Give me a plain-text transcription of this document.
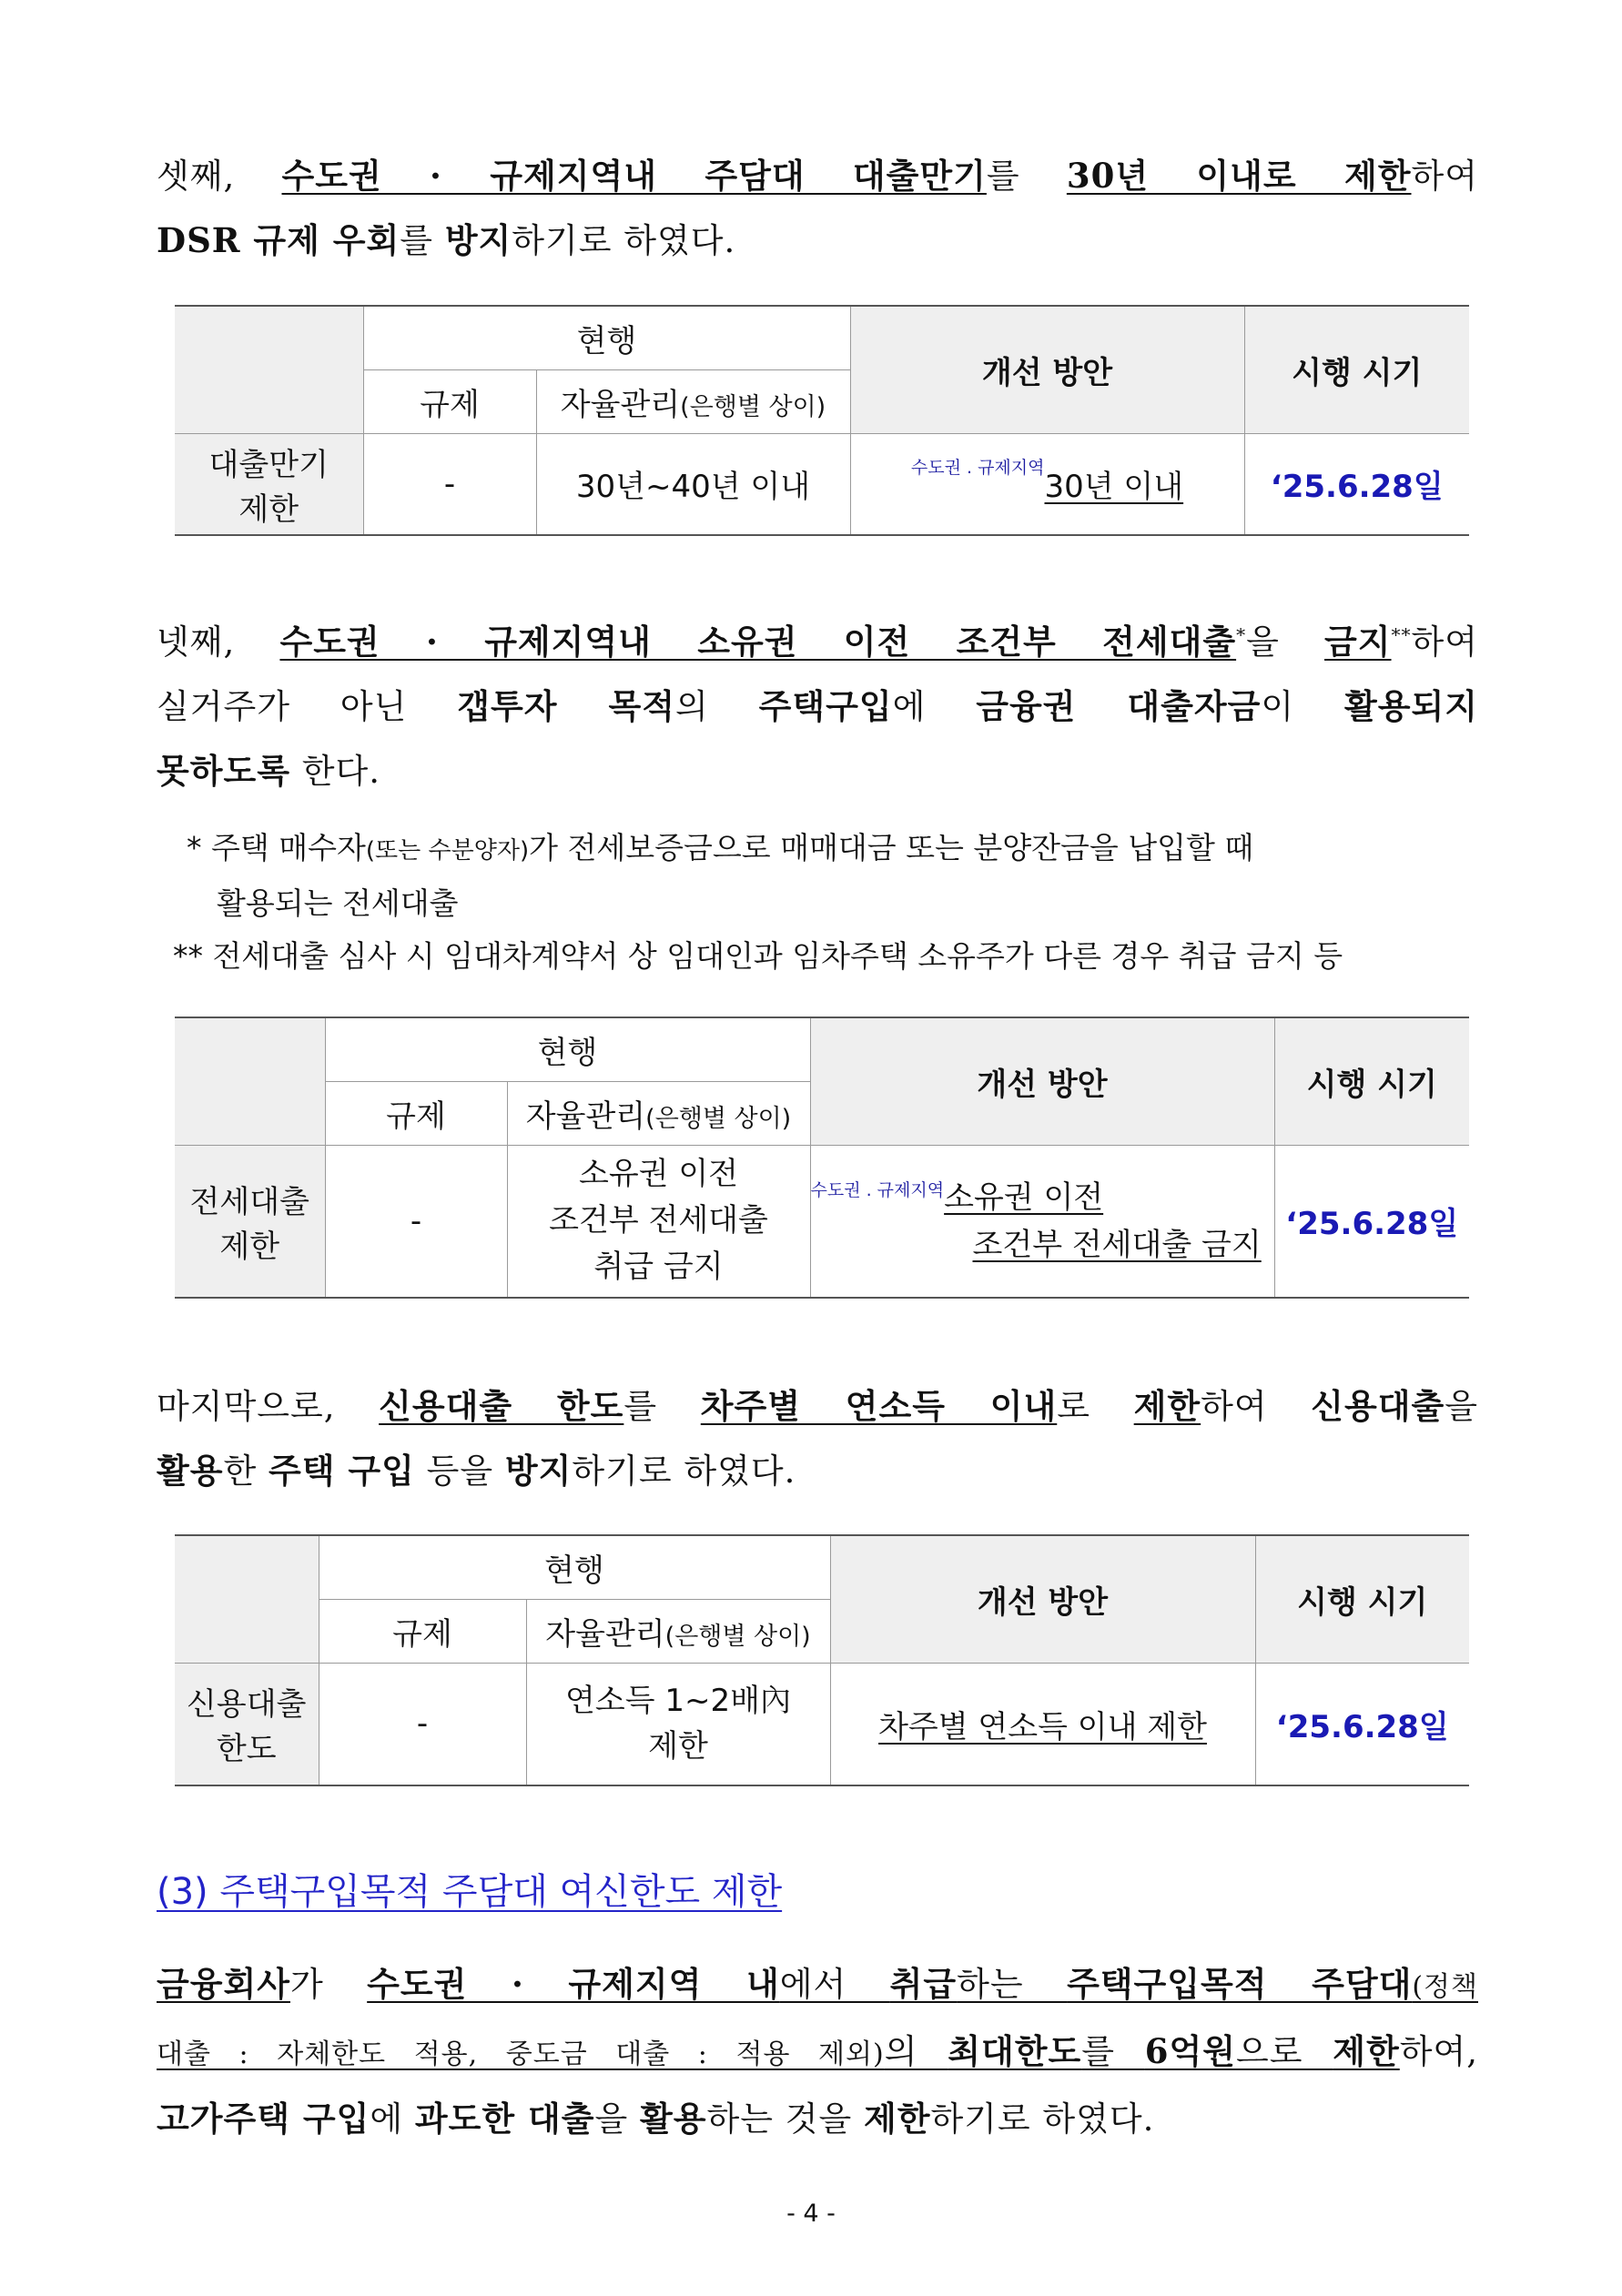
셋째, 수도권 · 규제지역내 주담대 대출만기를 30년 이내로 제한하여
DSR 규제 우회를 방지하기로 하였다.
	현행		개선 방안	시행 시기
	규제	자율관리(은행별 상이)		
대출만기
제한	-	30년~40년 이내	$^{수도권 . 규제지역}$30년 이내	‘25.6.28일
넷째, 수도권 · 규제지역내 소유권 이전 조건부 전세대출*을 금지**하여
실거주가 아닌 갭투자 목적의 주택구입에 금융권 대출자금이 활용되지
못하도록 한다.
* 주택 매수자(또는 수분양자)가 전세보증금으로 매매대금 또는 분양잔금을 납입할 때
활용되는 전세대출
** 전세대출 심사 시 임대차계약서 상 임대인과 임차주택 소유주가 다른 경우 취급 금지 등
	현행		개선 방안	시행 시기
	규제	자율관리(은행별 상이)		
전세대출
제한	-	소유권 이전
조건부 전세대출
취급 금지	$^{수도권 . 규제지역}$소유권 이전
조건부 전세대출 금지	‘25.6.28일
마지막으로, 신용대출 한도를 차주별 연소득 이내로 제한하여 신용대출을
활용한 주택 구입 등을 방지하기로 하였다.
	현행		개선 방안	시행 시기
	규제	자율관리(은행별 상이)		
신용대출
한도	-	연소득 1~2배內
제한	차주별 연소득 이내 제한	‘25.6.28일
(3) 주택구입목적 주담대 여신한도 제한
금융회사가 수도권 · 규제지역 내에서 취급하는 주택구입목적 주담대(정책
대출 : 자체한도 적용, 중도금 대출 : 적용 제외)의 최대한도를 6억원으로 제한하여,
고가주택 구입에 과도한 대출을 활용하는 것을 제한하기로 하였다.
- 4 -
